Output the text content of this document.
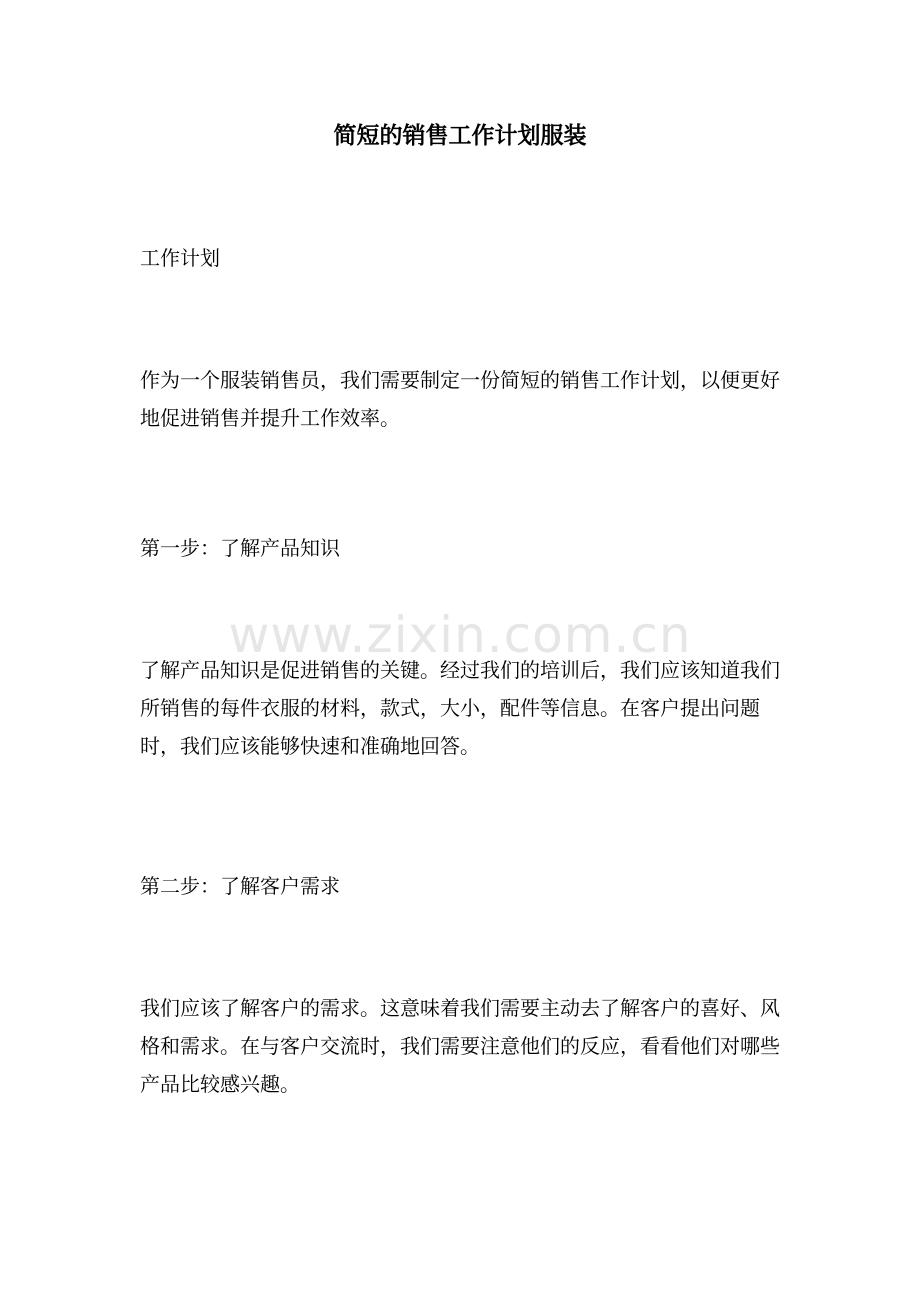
简短的销售工作计划服装

工作计划

作为一个服装销售员，我们需要制定一份简短的销售工作计划，以便更好地促进销售并提升工作效率。

第一步：了解产品知识

了解产品知识是促进销售的关键。经过我们的培训后，我们应该知道我们所销售的每件衣服的材料，款式，大小，配件等信息。在客户提出问题时，我们应该能够快速和准确地回答。

第二步：了解客户需求

我们应该了解客户的需求。这意味着我们需要主动去了解客户的喜好、风格和需求。在与客户交流时，我们需要注意他们的反应，看看他们对哪些产品比较感兴趣。

www.zixin.com.cn
